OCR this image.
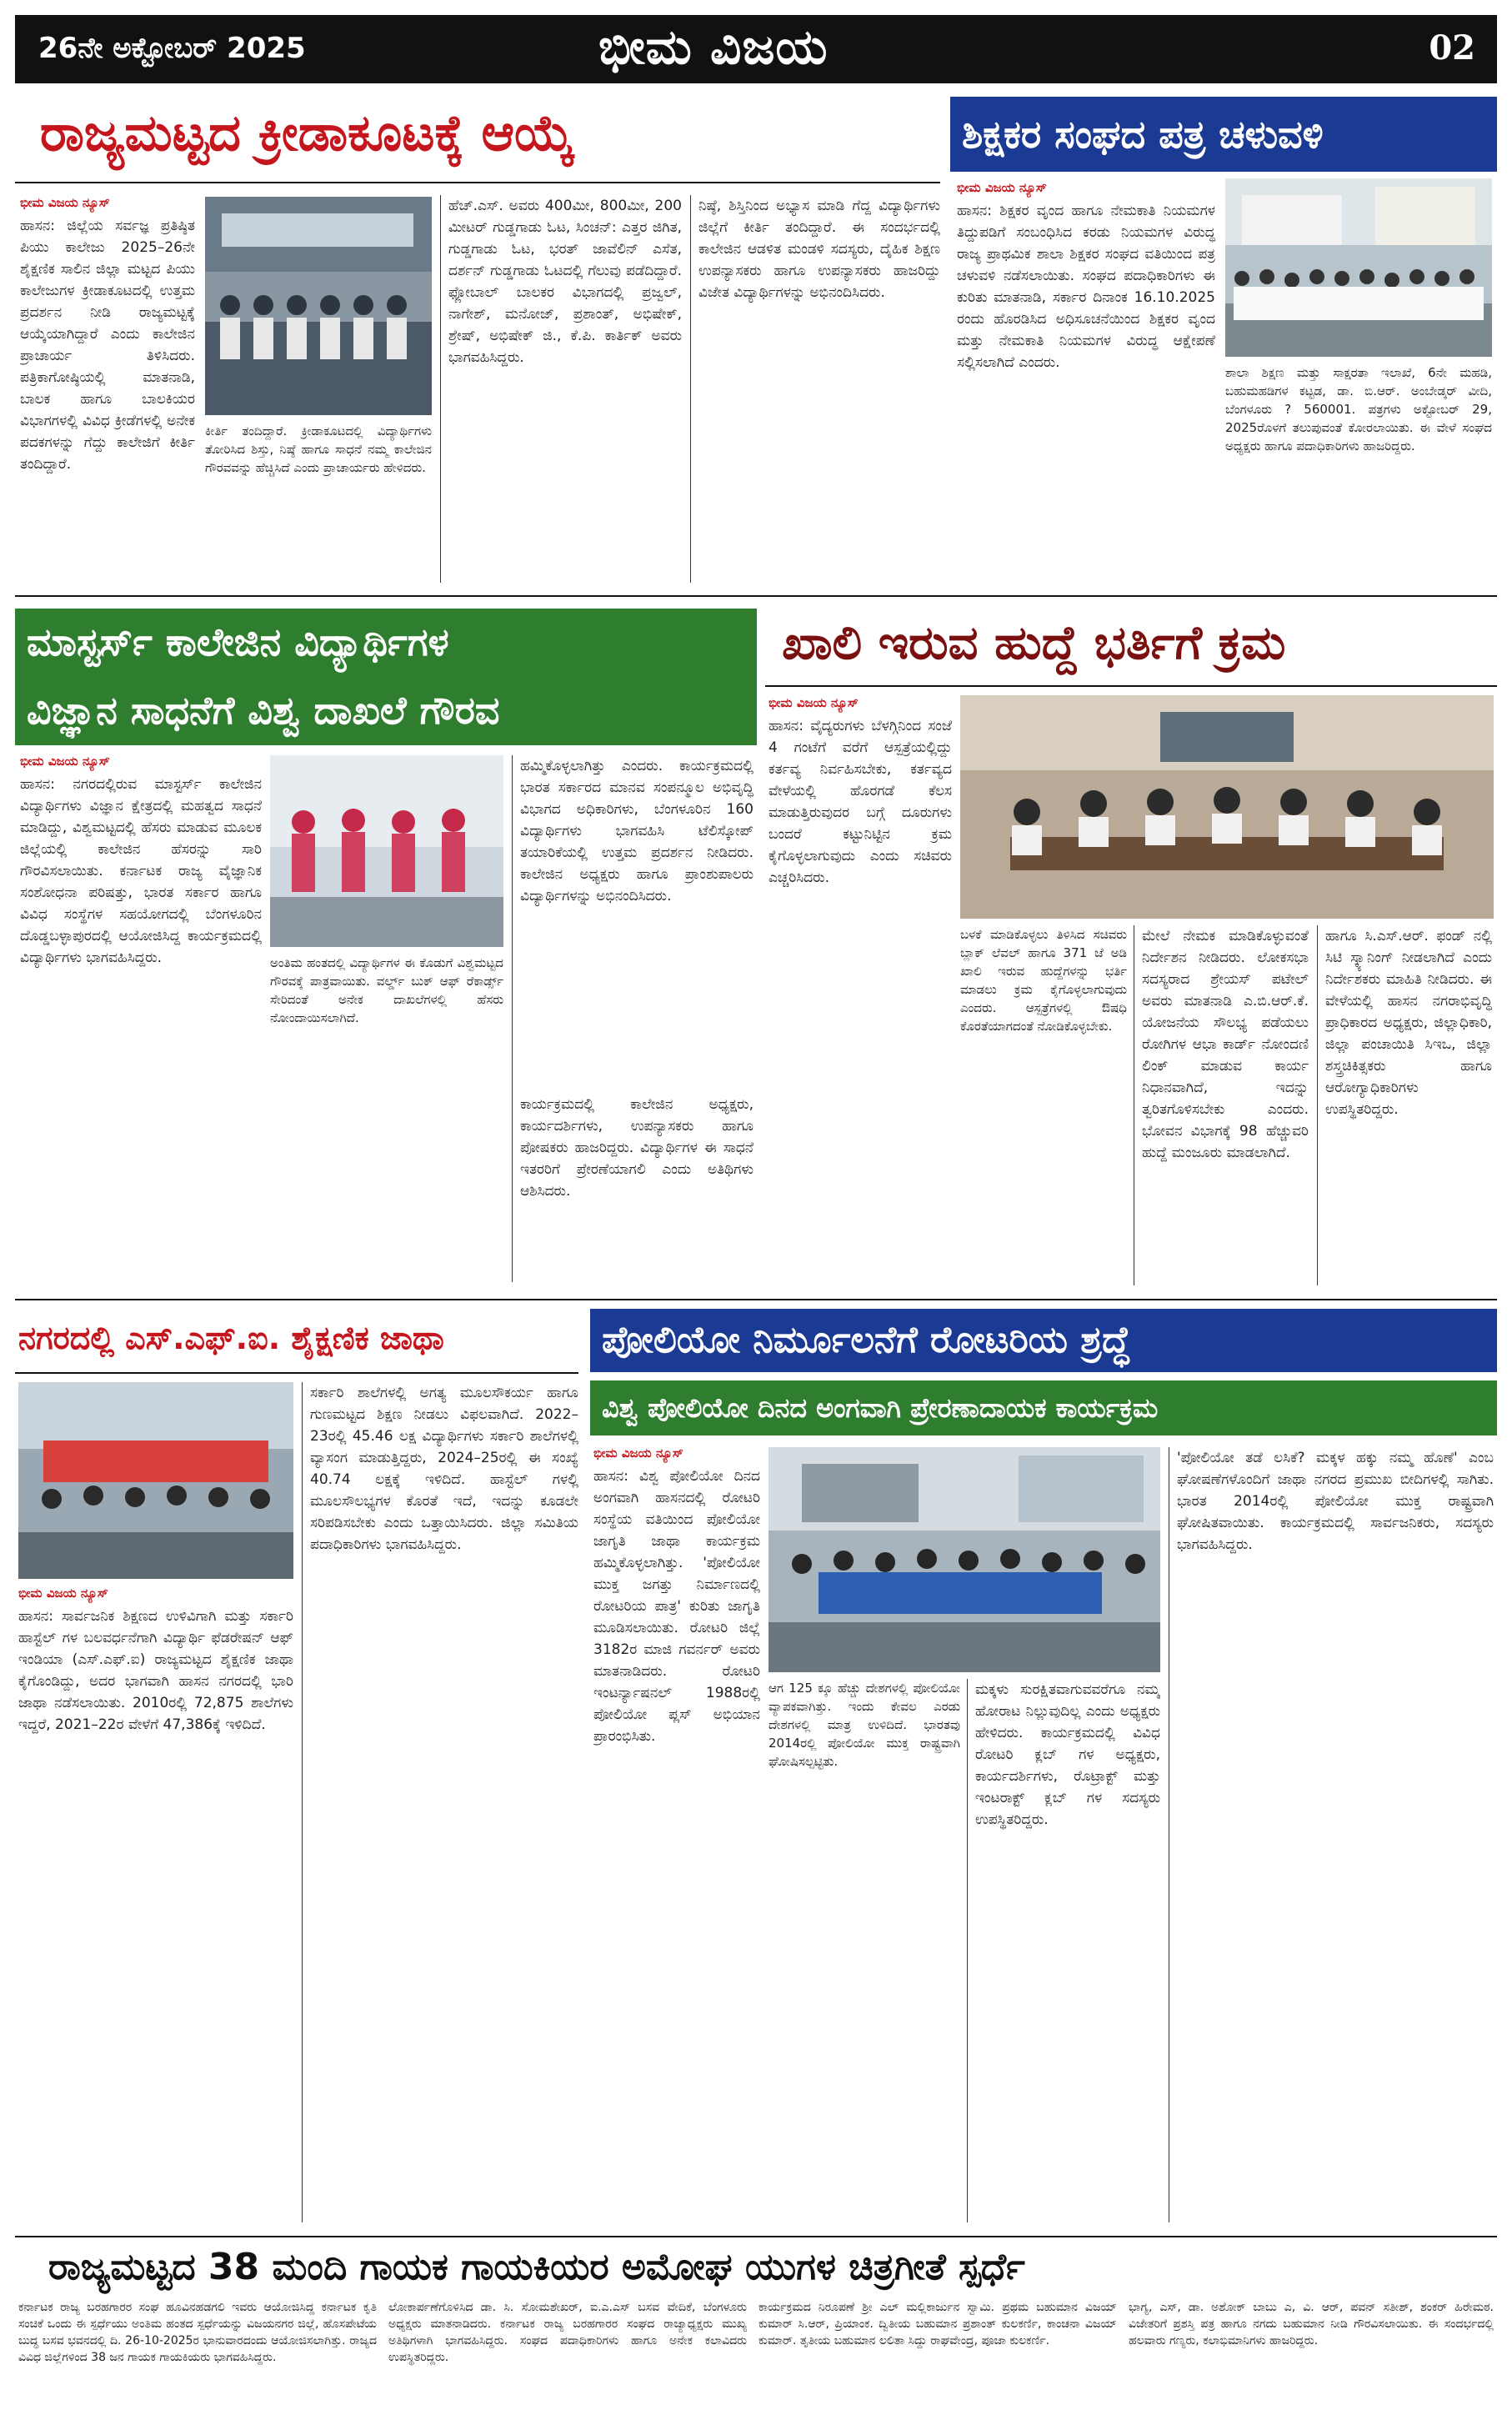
26ನೇ ಅಕ್ಟೋಬರ್ 2025	ಭೀಮ ವಿಜಯ	02
ರಾಜ್ಯಮಟ್ಟದ ಕ್ರೀಡಾಕೂಟಕ್ಕೆ ಆಯ್ಕೆ
ಭೀಮ ವಿಜಯ ನ್ಯೂಸ್
ಹಾಸನ: ಜಿಲ್ಲೆಯ ಸರ್ವಜ್ಞ ಪ್ರತಿಷ್ಠಿತ ಪಿಯು ಕಾಲೇಜು 2025–26ನೇ ಶೈಕ್ಷಣಿಕ ಸಾಲಿನ ಜಿಲ್ಲಾ ಮಟ್ಟದ ಪಿಯು ಕಾಲೇಜುಗಳ ಕ್ರೀಡಾಕೂಟದಲ್ಲಿ ಉತ್ತಮ ಪ್ರದರ್ಶನ ನೀಡಿ ರಾಜ್ಯಮಟ್ಟಕ್ಕೆ ಆಯ್ಕೆಯಾಗಿದ್ದಾರೆ ಎಂದು ಕಾಲೇಜಿನ ಪ್ರಾಚಾರ್ಯ ತಿಳಿಸಿದರು. ಪತ್ರಿಕಾಗೋಷ್ಠಿಯಲ್ಲಿ ಮಾತನಾಡಿ, ಬಾಲಕ ಹಾಗೂ ಬಾಲಕಿಯರ ವಿಭಾಗಗಳಲ್ಲಿ ವಿವಿಧ ಕ್ರೀಡೆಗಳಲ್ಲಿ ಅನೇಕ ಪದಕಗಳನ್ನು ಗೆದ್ದು ಕಾಲೇಜಿಗೆ ಕೀರ್ತಿ ತಂದಿದ್ದಾರೆ.
ಕೀರ್ತಿ ತಂದಿದ್ದಾರೆ. ಕ್ರೀಡಾಕೂಟದಲ್ಲಿ ವಿದ್ಯಾರ್ಥಿಗಳು ತೋರಿಸಿದ ಶಿಸ್ತು, ನಿಷ್ಠೆ ಹಾಗೂ ಸಾಧನೆ ನಮ್ಮ ಕಾಲೇಜಿನ ಗೌರವವನ್ನು ಹೆಚ್ಚಿಸಿದೆ ಎಂದು ಪ್ರಾಚಾರ್ಯರು ಹೇಳಿದರು.
ಹೆಚ್.ಎಸ್. ಅವರು 400ಮೀ, 800ಮೀ, 200 ಮೀಟರ್ ಗುಡ್ಡಗಾಡು ಓಟ, ಸಿಂಚನ್: ಎತ್ತರ ಜಿಗಿತ, ಗುಡ್ಡಗಾಡು ಓಟ, ಭರತ್ ಜಾವೆಲಿನ್ ಎಸೆತ, ದರ್ಶನ್ ಗುಡ್ಡಗಾಡು ಓಟದಲ್ಲಿ ಗೆಲುವು ಪಡೆದಿದ್ದಾರೆ. ಫ್ಲೋಬಾಲ್ ಬಾಲಕರ ವಿಭಾಗದಲ್ಲಿ ಪ್ರಜ್ವಲ್, ನಾಗೇಶ್, ಮನೋಜ್, ಪ್ರಶಾಂತ್, ಅಭಿಷೇಕ್, ಶ್ರೇಷ್, ಅಭಿಷೇಕ್ ಜಿ., ಕೆ.ಪಿ. ಕಾರ್ತಿಕ್ ಅವರು ಭಾಗವಹಿಸಿದ್ದರು.
ನಿಷ್ಠೆ, ಶಿಸ್ತಿನಿಂದ ಅಭ್ಯಾಸ ಮಾಡಿ ಗೆದ್ದ ವಿದ್ಯಾರ್ಥಿಗಳು ಜಿಲ್ಲೆಗೆ ಕೀರ್ತಿ ತಂದಿದ್ದಾರೆ. ಈ ಸಂದರ್ಭದಲ್ಲಿ ಕಾಲೇಜಿನ ಆಡಳಿತ ಮಂಡಳಿ ಸದಸ್ಯರು, ದೈಹಿಕ ಶಿಕ್ಷಣ ಉಪನ್ಯಾಸಕರು ಹಾಗೂ ಉಪನ್ಯಾಸಕರು ಹಾಜರಿದ್ದು ವಿಜೇತ ವಿದ್ಯಾರ್ಥಿಗಳನ್ನು ಅಭಿನಂದಿಸಿದರು.
ಶಿಕ್ಷಕರ ಸಂಘದ ಪತ್ರ ಚಳುವಳಿ
ಭೀಮ ವಿಜಯ ನ್ಯೂಸ್
ಹಾಸನ: ಶಿಕ್ಷಕರ ವೃಂದ ಹಾಗೂ ನೇಮಕಾತಿ ನಿಯಮಗಳ ತಿದ್ದುಪಡಿಗೆ ಸಂಬಂಧಿಸಿದ ಕರಡು ನಿಯಮಗಳ ವಿರುದ್ಧ ರಾಜ್ಯ ಪ್ರಾಥಮಿಕ ಶಾಲಾ ಶಿಕ್ಷಕರ ಸಂಘದ ವತಿಯಿಂದ ಪತ್ರ ಚಳುವಳಿ ನಡೆಸಲಾಯಿತು. ಸಂಘದ ಪದಾಧಿಕಾರಿಗಳು ಈ ಕುರಿತು ಮಾತನಾಡಿ, ಸರ್ಕಾರ ದಿನಾಂಕ 16.10.2025 ರಂದು ಹೊರಡಿಸಿದ ಅಧಿಸೂಚನೆಯಿಂದ ಶಿಕ್ಷಕರ ವೃಂದ ಮತ್ತು ನೇಮಕಾತಿ ನಿಯಮಗಳ ವಿರುದ್ಧ ಆಕ್ಷೇಪಣೆ ಸಲ್ಲಿಸಲಾಗಿದೆ ಎಂದರು.
ಶಾಲಾ ಶಿಕ್ಷಣ ಮತ್ತು ಸಾಕ್ಷರತಾ ಇಲಾಖೆ, 6ನೇ ಮಹಡಿ, ಬಹುಮಹಡಿಗಳ ಕಟ್ಟಡ, ಡಾ. ಬಿ.ಆರ್. ಅಂಬೇಡ್ಕರ್ ವೀದಿ, ಬೆಂಗಳೂರು ? 560001. ಪತ್ರಗಳು ಅಕ್ಟೋಬರ್ 29, 2025ರೊಳಗೆ ತಲುಪುವಂತೆ ಕೋರಲಾಯಿತು. ಈ ವೇಳೆ ಸಂಘದ ಅಧ್ಯಕ್ಷರು ಹಾಗೂ ಪದಾಧಿಕಾರಿಗಳು ಹಾಜರಿದ್ದರು.
ಮಾಸ್ಟರ್ಸ್ ಕಾಲೇಜಿನ ವಿದ್ಯಾರ್ಥಿಗಳ
ವಿಜ್ಞಾನ ಸಾಧನೆಗೆ ವಿಶ್ವ ದಾಖಲೆ ಗೌರವ
ಭೀಮ ವಿಜಯ ನ್ಯೂಸ್
ಹಾಸನ: ನಗರದಲ್ಲಿರುವ ಮಾಸ್ಟರ್ಸ್ ಕಾಲೇಜಿನ ವಿದ್ಯಾರ್ಥಿಗಳು ವಿಜ್ಞಾನ ಕ್ಷೇತ್ರದಲ್ಲಿ ಮಹತ್ವದ ಸಾಧನೆ ಮಾಡಿದ್ದು, ವಿಶ್ವಮಟ್ಟದಲ್ಲಿ ಹೆಸರು ಮಾಡುವ ಮೂಲಕ ಜಿಲ್ಲೆಯಲ್ಲಿ ಕಾಲೇಜಿನ ಹೆಸರನ್ನು ಸಾರಿ ಗೌರವಿಸಲಾಯಿತು. ಕರ್ನಾಟಕ ರಾಜ್ಯ ವೈಜ್ಞಾನಿಕ ಸಂಶೋಧನಾ ಪರಿಷತ್ತು, ಭಾರತ ಸರ್ಕಾರ ಹಾಗೂ ವಿವಿಧ ಸಂಸ್ಥೆಗಳ ಸಹಯೋಗದಲ್ಲಿ ಬೆಂಗಳೂರಿನ ದೊಡ್ಡಬಳ್ಳಾಪುರದಲ್ಲಿ ಆಯೋಜಿಸಿದ್ದ ಕಾರ್ಯಕ್ರಮದಲ್ಲಿ ವಿದ್ಯಾರ್ಥಿಗಳು ಭಾಗವಹಿಸಿದ್ದರು.	ಅಂತಿಮ ಹಂತದಲ್ಲಿ ವಿದ್ಯಾರ್ಥಿಗಳ ಈ ಕೊಡುಗೆ ವಿಶ್ವಮಟ್ಟದ ಗೌರವಕ್ಕೆ ಪಾತ್ರವಾಯಿತು. ವರ್ಲ್ಡ್ ಬುಕ್ ಆಫ್ ರೆಕಾರ್ಡ್ಸ್ ಸೇರಿದಂತೆ ಅನೇಕ ದಾಖಲೆಗಳಲ್ಲಿ ಹೆಸರು ನೋಂದಾಯಿಸಲಾಗಿದೆ.
ಹಮ್ಮಿಕೊಳ್ಳಲಾಗಿತ್ತು ಎಂದರು. ಕಾರ್ಯಕ್ರಮದಲ್ಲಿ ಭಾರತ ಸರ್ಕಾರದ ಮಾನವ ಸಂಪನ್ಮೂಲ ಅಭಿವೃದ್ಧಿ ವಿಭಾಗದ ಅಧಿಕಾರಿಗಳು, ಬೆಂಗಳೂರಿನ 160 ವಿದ್ಯಾರ್ಥಿಗಳು ಭಾಗವಹಿಸಿ ಟೆಲಿಸ್ಕೋಪ್ ತಯಾರಿಕೆಯಲ್ಲಿ ಉತ್ತಮ ಪ್ರದರ್ಶನ ನೀಡಿದರು. ಕಾಲೇಜಿನ ಅಧ್ಯಕ್ಷರು ಹಾಗೂ ಪ್ರಾಂಶುಪಾಲರು ವಿದ್ಯಾರ್ಥಿಗಳನ್ನು ಅಭಿನಂದಿಸಿದರು.
ಕಾರ್ಯಕ್ರಮದಲ್ಲಿ ಕಾಲೇಜಿನ ಅಧ್ಯಕ್ಷರು, ಕಾರ್ಯದರ್ಶಿಗಳು, ಉಪನ್ಯಾಸಕರು ಹಾಗೂ ಪೋಷಕರು ಹಾಜರಿದ್ದರು. ವಿದ್ಯಾರ್ಥಿಗಳ ಈ ಸಾಧನೆ ಇತರರಿಗೆ ಪ್ರೇರಣೆಯಾಗಲಿ ಎಂದು ಅತಿಥಿಗಳು ಆಶಿಸಿದರು.
ಖಾಲಿ ಇರುವ ಹುದ್ದೆ ಭರ್ತಿಗೆ ಕ್ರಮ
ಭೀಮ ವಿಜಯ ನ್ಯೂಸ್
ಹಾಸನ: ವೈದ್ಯರುಗಳು ಬೆಳಗ್ಗಿನಿಂದ ಸಂಜೆ 4 ಗಂಟೆಗೆ ವರೆಗೆ ಆಸ್ಪತ್ರೆಯಲ್ಲಿದ್ದು ಕರ್ತವ್ಯ ನಿರ್ವಹಿಸಬೇಕು, ಕರ್ತವ್ಯದ ವೇಳೆಯಲ್ಲಿ ಹೊರಗಡೆ ಕೆಲಸ ಮಾಡುತ್ತಿರುವುದರ ಬಗ್ಗೆ ದೂರುಗಳು ಬಂದರೆ ಕಟ್ಟುನಿಟ್ಟಿನ ಕ್ರಮ ಕೈಗೊಳ್ಳಲಾಗುವುದು ಎಂದು ಸಚಿವರು ಎಚ್ಚರಿಸಿದರು.
ಬಳಕೆ ಮಾಡಿಕೊಳ್ಳಲು ತಿಳಿಸಿದ ಸಚಿವರು ಬ್ಲಾಕ್ ಲೆವಲ್ ಹಾಗೂ 371 ಜೆ ಅಡಿ ಖಾಲಿ ಇರುವ ಹುದ್ದೆಗಳನ್ನು ಭರ್ತಿ ಮಾಡಲು ಕ್ರಮ ಕೈಗೊಳ್ಳಲಾಗುವುದು ಎಂದರು. ಆಸ್ಪತ್ರೆಗಳಲ್ಲಿ ಔಷಧಿ ಕೊರತೆಯಾಗದಂತೆ ನೋಡಿಕೊಳ್ಳಬೇಕು.
ಮೇಲೆ ನೇಮಕ ಮಾಡಿಕೊಳ್ಳುವಂತೆ ನಿರ್ದೇಶನ ನೀಡಿದರು. ಲೋಕಸಭಾ ಸದಸ್ಯರಾದ ಶ್ರೇಯಸ್ ಪಟೇಲ್ ಅವರು ಮಾತನಾಡಿ ಎ.ಬಿ.ಆರ್.ಕೆ. ಯೋಜನೆಯ ಸೌಲಭ್ಯ ಪಡೆಯಲು ರೋಗಿಗಳ ಆಭಾ ಕಾರ್ಡ್ ನೋಂದಣಿ ಲಿಂಕ್ ಮಾಡುವ ಕಾರ್ಯ ನಿಧಾನವಾಗಿದೆ, ಇದನ್ನು ತ್ವರಿತಗೊಳಿಸಬೇಕು ಎಂದರು. ಭೋವನ ವಿಭಾಗಕ್ಕೆ 98 ಹೆಚ್ಚುವರಿ ಹುದ್ದೆ ಮಂಜೂರು ಮಾಡಲಾಗಿದೆ.
ಹಾಗೂ ಸಿ.ಎಸ್.ಆರ್. ಫಂಡ್ ನಲ್ಲಿ ಸಿಟಿ ಸ್ಕ್ಯಾನಿಂಗ್ ನೀಡಲಾಗಿದೆ ಎಂದು ನಿರ್ದೇಶಕರು ಮಾಹಿತಿ ನೀಡಿದರು. ಈ ವೇಳೆಯಲ್ಲಿ ಹಾಸನ ನಗರಾಭಿವೃದ್ಧಿ ಪ್ರಾಧಿಕಾರದ ಅಧ್ಯಕ್ಷರು, ಜಿಲ್ಲಾಧಿಕಾರಿ, ಜಿಲ್ಲಾ ಪಂಚಾಯಿತಿ ಸಿಇಒ, ಜಿಲ್ಲಾ ಶಸ್ತ್ರಚಿಕಿತ್ಸಕರು ಹಾಗೂ ಆರೋಗ್ಯಾಧಿಕಾರಿಗಳು ಉಪಸ್ಥಿತರಿದ್ದರು.
ನಗರದಲ್ಲಿ ಎಸ್.ಎಫ್.ಐ. ಶೈಕ್ಷಣಿಕ ಜಾಥಾ
ಭೀಮ ವಿಜಯ ನ್ಯೂಸ್
ಹಾಸನ: ಸಾರ್ವಜನಿಕ ಶಿಕ್ಷಣದ ಉಳಿವಿಗಾಗಿ ಮತ್ತು ಸರ್ಕಾರಿ ಹಾಸ್ಟೆಲ್ ಗಳ ಬಲವರ್ಧನೆಗಾಗಿ ವಿದ್ಯಾರ್ಥಿ ಫೆಡರೇಷನ್ ಆಫ್ ಇಂಡಿಯಾ (ಎಸ್.ಎಫ್.ಐ) ರಾಜ್ಯಮಟ್ಟದ ಶೈಕ್ಷಣಿಕ ಜಾಥಾ ಕೈಗೊಂಡಿದ್ದು, ಅದರ ಭಾಗವಾಗಿ ಹಾಸನ ನಗರದಲ್ಲಿ ಭಾರಿ ಜಾಥಾ ನಡೆಸಲಾಯಿತು. 2010ರಲ್ಲಿ 72,875 ಶಾಲೆಗಳು ಇದ್ದರೆ, 2021–22ರ ವೇಳೆಗೆ 47,386ಕ್ಕೆ ಇಳಿದಿದೆ.
ಸರ್ಕಾರಿ ಶಾಲೆಗಳಲ್ಲಿ ಅಗತ್ಯ ಮೂಲಸೌಕರ್ಯ ಹಾಗೂ ಗುಣಮಟ್ಟದ ಶಿಕ್ಷಣ ನೀಡಲು ವಿಫಲವಾಗಿದೆ. 2022–23ರಲ್ಲಿ 45.46 ಲಕ್ಷ ವಿದ್ಯಾರ್ಥಿಗಳು ಸರ್ಕಾರಿ ಶಾಲೆಗಳಲ್ಲಿ ವ್ಯಾಸಂಗ ಮಾಡುತ್ತಿದ್ದರು, 2024–25ರಲ್ಲಿ ಈ ಸಂಖ್ಯೆ 40.74 ಲಕ್ಷಕ್ಕೆ ಇಳಿದಿದೆ. ಹಾಸ್ಟೆಲ್ ಗಳಲ್ಲಿ ಮೂಲಸೌಲಭ್ಯಗಳ ಕೊರತೆ ಇದೆ, ಇದನ್ನು ಕೂಡಲೇ ಸರಿಪಡಿಸಬೇಕು ಎಂದು ಒತ್ತಾಯಿಸಿದರು. ಜಿಲ್ಲಾ ಸಮಿತಿಯ ಪದಾಧಿಕಾರಿಗಳು ಭಾಗವಹಿಸಿದ್ದರು.
ಪೋಲಿಯೋ ನಿರ್ಮೂಲನೆಗೆ ರೋಟರಿಯ ಶ್ರದ್ಧೆ
ವಿಶ್ವ ಪೋಲಿಯೋ ದಿನದ ಅಂಗವಾಗಿ ಪ್ರೇರಣಾದಾಯಕ ಕಾರ್ಯಕ್ರಮ
ಭೀಮ ವಿಜಯ ನ್ಯೂಸ್
ಹಾಸನ: ವಿಶ್ವ ಪೋಲಿಯೋ ದಿನದ ಅಂಗವಾಗಿ ಹಾಸನದಲ್ಲಿ ರೋಟರಿ ಸಂಸ್ಥೆಯ ವತಿಯಿಂದ ಪೋಲಿಯೋ ಜಾಗೃತಿ ಜಾಥಾ ಕಾರ್ಯಕ್ರಮ ಹಮ್ಮಿಕೊಳ್ಳಲಾಗಿತ್ತು. 'ಪೋಲಿಯೋ ಮುಕ್ತ ಜಗತ್ತು ನಿರ್ಮಾಣದಲ್ಲಿ ರೋಟರಿಯ ಪಾತ್ರ' ಕುರಿತು ಜಾಗೃತಿ ಮೂಡಿಸಲಾಯಿತು. ರೋಟರಿ ಜಿಲ್ಲೆ 3182ರ ಮಾಜಿ ಗವರ್ನರ್ ಅವರು ಮಾತನಾಡಿದರು. ರೋಟರಿ ಇಂಟರ್ನ್ಯಾಷನಲ್ 1988ರಲ್ಲಿ ಪೋಲಿಯೋ ಪ್ಲಸ್ ಅಭಿಯಾನ ಪ್ರಾರಂಭಿಸಿತು.
ಆಗ 125 ಕ್ಕೂ ಹೆಚ್ಚು ದೇಶಗಳಲ್ಲಿ ಪೋಲಿಯೋ ವ್ಯಾಪಕವಾಗಿತ್ತು. ಇಂದು ಕೇವಲ ಎರಡು ದೇಶಗಳಲ್ಲಿ ಮಾತ್ರ ಉಳಿದಿದೆ. ಭಾರತವು 2014ರಲ್ಲಿ ಪೋಲಿಯೋ ಮುಕ್ತ ರಾಷ್ಟ್ರವಾಗಿ ಘೋಷಿಸಲ್ಪಟ್ಟಿತು.
ಮಕ್ಕಳು ಸುರಕ್ಷಿತವಾಗುವವರೆಗೂ ನಮ್ಮ ಹೋರಾಟ ನಿಲ್ಲುವುದಿಲ್ಲ ಎಂದು ಅಧ್ಯಕ್ಷರು ಹೇಳಿದರು. ಕಾರ್ಯಕ್ರಮದಲ್ಲಿ ವಿವಿಧ ರೋಟರಿ ಕ್ಲಬ್ ಗಳ ಅಧ್ಯಕ್ಷರು, ಕಾರ್ಯದರ್ಶಿಗಳು, ರೊಟ್ರಾಕ್ಟ್ ಮತ್ತು ಇಂಟರಾಕ್ಟ್ ಕ್ಲಬ್ ಗಳ ಸದಸ್ಯರು ಉಪಸ್ಥಿತರಿದ್ದರು.
'ಪೋಲಿಯೋ ತಡೆ ಲಸಿಕೆ? ಮಕ್ಕಳ ಹಕ್ಕು ನಮ್ಮ ಹೊಣೆ' ಎಂಬ ಘೋಷಣೆಗಳೊಂದಿಗೆ ಜಾಥಾ ನಗರದ ಪ್ರಮುಖ ಬೀದಿಗಳಲ್ಲಿ ಸಾಗಿತು. ಭಾರತ 2014ರಲ್ಲಿ ಪೋಲಿಯೋ ಮುಕ್ತ ರಾಷ್ಟ್ರವಾಗಿ ಘೋಷಿತವಾಯಿತು. ಕಾರ್ಯಕ್ರಮದಲ್ಲಿ ಸಾರ್ವಜನಿಕರು, ಸದಸ್ಯರು ಭಾಗವಹಿಸಿದ್ದರು.
ರಾಜ್ಯಮಟ್ಟದ 38 ಮಂದಿ ಗಾಯಕ ಗಾಯಕಿಯರ ಅಮೋಘ ಯುಗಳ ಚಿತ್ರಗೀತೆ ಸ್ಪರ್ಧೆ
ಕರ್ನಾಟಕ ರಾಜ್ಯ ಬರಹಗಾರರ ಸಂಘ ಹೂವಿನಹಡಗಲಿ ಇವರು ಆಯೋಜಿಸಿದ್ದ ಕರ್ನಾಟಕ ಕೃತಿ ಸಂಚಿಕೆ ಒಂದು ಈ ಸ್ಪರ್ಧೆಯು ಅಂತಿಮ ಹಂತದ ಸ್ಪರ್ಧೆಯನ್ನು ವಿಜಯನಗರ ಜಿಲ್ಲೆ, ಹೊಸಪೇಟೆಯ ಬುದ್ಧ ಬಸವ ಭವನದಲ್ಲಿ ದಿ. 26-10-2025ರ ಭಾನುವಾರದಂದು ಆಯೋಜಿಸಲಾಗಿತ್ತು. ರಾಜ್ಯದ ವಿವಿಧ ಜಿಲ್ಲೆಗಳಿಂದ 38 ಜನ ಗಾಯಕ ಗಾಯಕಿಯರು ಭಾಗವಹಿಸಿದ್ದರು.
ಲೋಕಾರ್ಪಣೆಗೊಳಿಸಿದ ಡಾ. ಸಿ. ಸೋಮಶೇಖರ್, ಐ.ಎ.ಎಸ್ ಬಸವ ವೇದಿಕೆ, ಬೆಂಗಳೂರು ಅಧ್ಯಕ್ಷರು ಮಾತನಾಡಿದರು. ಕರ್ನಾಟಕ ರಾಜ್ಯ ಬರಹಗಾರರ ಸಂಘದ ರಾಜ್ಯಾಧ್ಯಕ್ಷರು ಮುಖ್ಯ ಅತಿಥಿಗಳಾಗಿ ಭಾಗವಹಿಸಿದ್ದರು. ಸಂಘದ ಪದಾಧಿಕಾರಿಗಳು ಹಾಗೂ ಅನೇಕ ಕಲಾವಿದರು ಉಪಸ್ಥಿತರಿದ್ದರು.
ಕಾರ್ಯಕ್ರಮದ ನಿರೂಪಣೆ ಶ್ರೀ ಎಲ್ ಮಲ್ಲಿಕಾರ್ಜುನ ಸ್ವಾಮಿ. ಪ್ರಥಮ ಬಹುಮಾನ ವಿಜಯ್ ಕುಮಾರ್ ಸಿ.ಆರ್, ಪ್ರಿಯಾಂಕ. ದ್ವಿತೀಯ ಬಹುಮಾನ ಪ್ರಶಾಂತ್ ಕುಲಕರ್ಣಿ, ಕಾಂಚನಾ ವಿಜಯ್ ಕುಮಾರ್. ತೃತೀಯ ಬಹುಮಾನ ಲಲಿತಾ ಸಿದ್ದು ರಾಘವೇಂದ್ರ, ಪೂಜಾ ಕುಲಕರ್ಣಿ.
ಭಾಗ್ಯ, ಎಸ್, ಡಾ. ಅಶೋಕ್ ಬಾಬು ಎ, ವಿ. ಆರ್, ಪವನ್ ಸತೀಶ್, ಶಂಕರ್ ಹಿರೇಮಠ. ವಿಜೇತರಿಗೆ ಪ್ರಶಸ್ತಿ ಪತ್ರ ಹಾಗೂ ನಗದು ಬಹುಮಾನ ನೀಡಿ ಗೌರವಿಸಲಾಯಿತು. ಈ ಸಂದರ್ಭದಲ್ಲಿ ಹಲವಾರು ಗಣ್ಯರು, ಕಲಾಭಿಮಾನಿಗಳು ಹಾಜರಿದ್ದರು.
